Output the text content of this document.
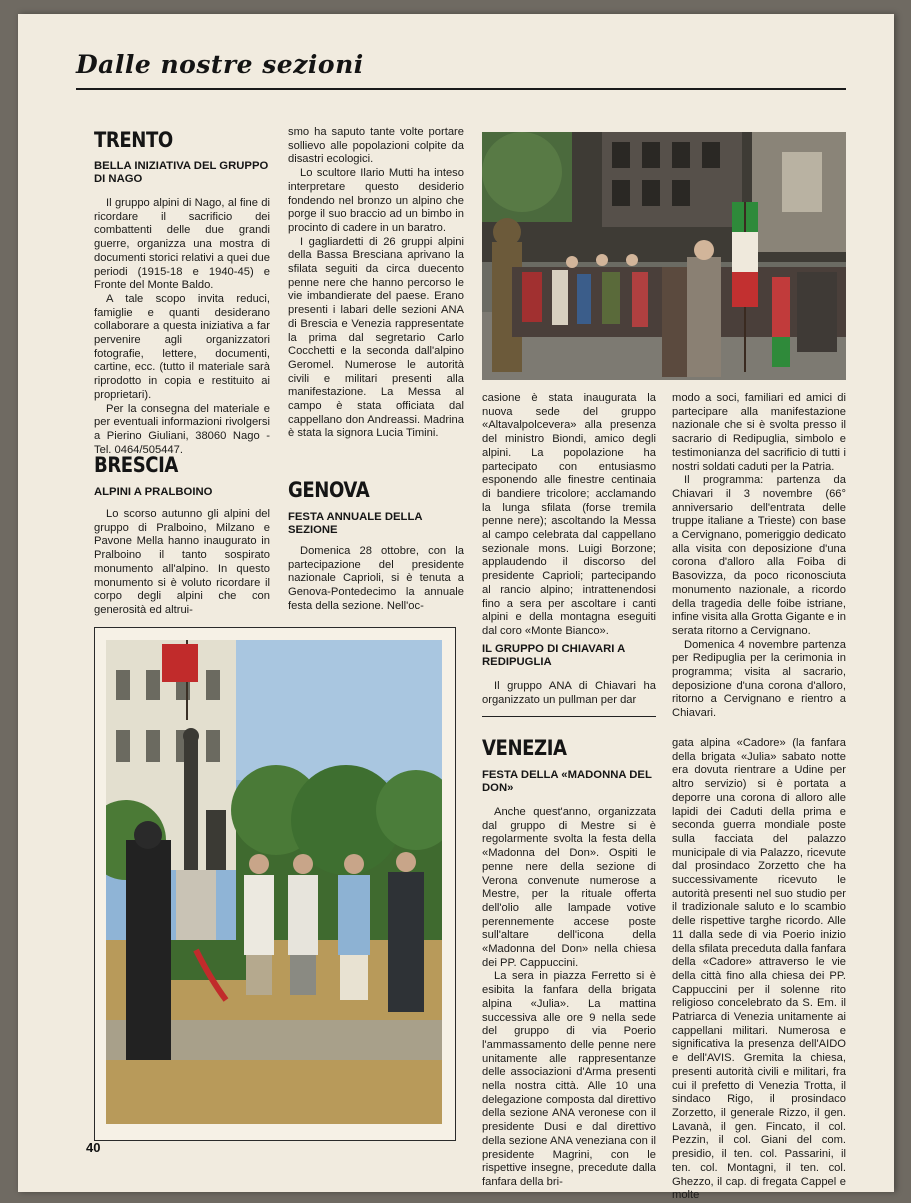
Dalle nostre sezioni
TRENTO
BELLA INIZIATIVA DEL GRUPPO DI NAGO

Il gruppo alpini di Nago, al fine di ricordare il sacrificio dei combattenti delle due grandi guerre, organizza una mostra di documenti storici relativi a quei due periodi (1915-18 e 1940-45) e Fronte del Monte Baldo.

A tale scopo invita reduci, famiglie e quanti desiderano collaborare a questa iniziativa a far pervenire agli organizzatori fotografie, lettere, documenti, cartine, ecc. (tutto il materiale sarà riprodotto in copia e restituito ai proprietari).

Per la consegna del materiale e per eventuali informazioni rivolgersi a Pierino Giuliani, 38060 Nago - Tel. 0464/505447.

BRESCIA
ALPINI A PRALBOINO

Lo scorso autunno gli alpini del gruppo di Pralboino, Milzano e Pavone Mella hanno inaugurato in Pralboino il tanto sospirato monumento all'alpino. In questo monumento si è voluto ricordare il corpo degli alpini che con generosità ed altrui-

smo ha saputo tante volte portare sollievo alle popolazioni colpite da disastri ecologici.

Lo scultore Ilario Mutti ha inteso interpretare questo desiderio fondendo nel bronzo un alpino che porge il suo braccio ad un bimbo in procinto di cadere in un baratro.

I gagliardetti di 26 gruppi alpini della Bassa Bresciana aprivano la sfilata seguiti da circa duecento penne nere che hanno percorso le vie imbandierate del paese. Erano presenti i labari delle sezioni ANA di Brescia e Venezia rappresentate la prima dal segretario Carlo Cocchetti e la seconda dall'alpino Geromel. Numerose le autorità civili e militari presenti alla manifestazione. La Messa al campo è stata officiata dal cappellano don Andreassi. Madrina è stata la signora Lucia Timini.

GENOVA
FESTA ANNUALE DELLA SEZIONE

Domenica 28 ottobre, con la partecipazione del presidente nazionale Caprioli, si è tenuta a Genova-Pontedecimo la annuale festa della sezione. Nell'oc-

casione è stata inaugurata la nuova sede del gruppo «Altavalpolcevera» alla presenza del ministro Biondi, amico degli alpini. La popolazione ha partecipato con entusiasmo esponendo alle finestre centinaia di bandiere tricolore; acclamando la lunga sfilata (forse tremila penne nere); ascoltando la Messa al campo celebrata dal cappellano sezionale mons. Luigi Borzone; applaudendo il discorso del presidente Caprioli; partecipando al rancio alpino; intrattenendosi fino a sera per ascoltare i canti alpini e della montagna eseguiti dal coro «Monte Bianco».

IL GRUPPO DI CHIAVARI A REDIPUGLIA

Il gruppo ANA di Chiavari ha organizzato un pullman per dar

modo a soci, familiari ed amici di partecipare alla manifestazione nazionale che si è svolta presso il sacrario di Redipuglia, simbolo e testimonianza del sacrificio di tutti i nostri soldati caduti per la Patria.

Il programma: partenza da Chiavari il 3 novembre (66° anniversario dell'entrata delle truppe italiane a Trieste) con base a Cervignano, pomeriggio dedicato alla visita con deposizione d'una corona d'alloro alla Foiba di Basovizza, da poco riconosciuta monumento nazionale, a ricordo della tragedia delle foibe istriane, infine visita alla Grotta Gigante e in serata ritorno a Cervignano.

Domenica 4 novembre partenza per Redipuglia per la cerimonia in programma; visita al sacrario, deposizione d'una corona d'alloro, ritorno a Cervignano e rientro a Chiavari.

VENEZIA
FESTA DELLA «MADONNA DEL DON»

Anche quest'anno, organizzata dal gruppo di Mestre si è regolarmente svolta la festa della «Madonna del Don». Ospiti le penne nere della sezione di Verona convenute numerose a Mestre, per la rituale offerta dell'olio alle lampade votive perennemente accese poste sull'altare dell'icona della «Madonna del Don» nella chiesa dei PP. Cappuccini.

La sera in piazza Ferretto si è esibita la fanfara della brigata alpina «Julia». La mattina successiva alle ore 9 nella sede del gruppo di via Poerio l'ammassamento delle penne nere unitamente alle rappresentanze delle associazioni d'Arma presenti nella nostra città. Alle 10 una delegazione composta dal direttivo della sezione ANA veronese con il presidente Dusi e dal direttivo della sezione ANA veneziana con il presidente Magrini, con le rispettive insegne, precedute dalla fanfara della bri-

gata alpina «Cadore» (la fanfara della brigata «Julia» sabato notte era dovuta rientrare a Udine per altro servizio) si è portata a deporre una corona di alloro alle lapidi dei Caduti della prima e seconda guerra mondiale poste sulla facciata del palazzo municipale di via Palazzo, ricevute dal prosindaco Zorzetto che ha successivamente ricevuto le autorità presenti nel suo studio per il tradizionale saluto e lo scambio delle rispettive targhe ricordo. Alle 11 dalla sede di via Poerio inizio della sfilata preceduta dalla fanfara della «Cadore» attraverso le vie della città fino alla chiesa dei PP. Cappuccini per il solenne rito religioso concelebrato da S. Em. il Patriarca di Venezia unitamente ai cappellani militari. Numerosa e significativa la presenza dell'AIDO e dell'AVIS. Gremita la chiesa, presenti autorità civili e militari, fra cui il prefetto di Venezia Trotta, il sindaco Rigo, il prosindaco Zorzetto, il generale Rizzo, il gen. Lavanà, il gen. Fincato, il col. Pezzin, il col. Giani del com. presidio, il ten. col. Passarini, il ten. col. Montagni, il ten. col. Ghezzo, il cap. di fregata Cappel e molte

40
